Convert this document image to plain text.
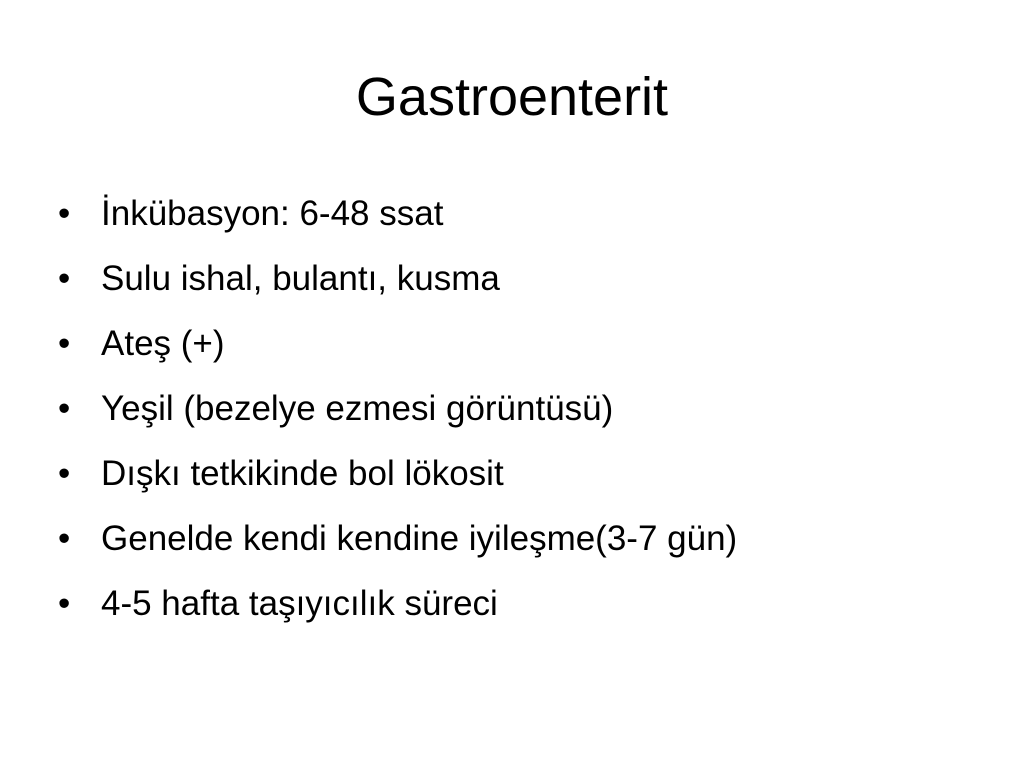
Gastroenterit
• İnkübasyon: 6-48 ssat
• Sulu ishal, bulantı, kusma
• Ateş (+)
• Yeşil (bezelye ezmesi görüntüsü)
• Dışkı tetkikinde bol lökosit
• Genelde kendi kendine iyileşme(3-7 gün)
• 4-5 hafta taşıyıcılık süreci
